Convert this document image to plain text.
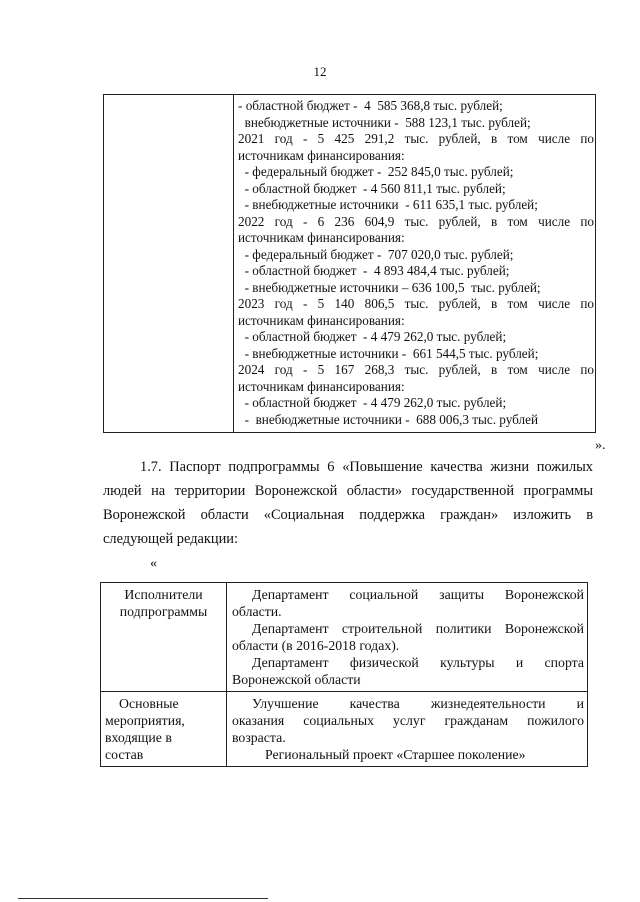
12
- областной бюджет -  4  585 368,8 тыс. рублей;
внебюджетные источники -  588 123,1 тыс. рублей;
2021 год - 5 425 291,2 тыс. рублей, в том числе по
источникам финансирования:
- федеральный бюджет -  252 845,0 тыс. рублей;
- областной бюджет  - 4 560 811,1 тыс. рублей;
- внебюджетные источники  - 611 635,1 тыс. рублей;
2022 год - 6 236 604,9 тыс. рублей, в том числе по
источникам финансирования:
- федеральный бюджет -  707 020,0 тыс. рублей;
- областной бюджет  -  4 893 484,4 тыс. рублей;
- внебюджетные источники – 636 100,5  тыс. рублей;
2023 год - 5 140 806,5 тыс. рублей, в том числе по
источникам финансирования:
- областной бюджет  - 4 479 262,0 тыс. рублей;
- внебюджетные источники -  661 544,5 тыс. рублей;
2024 год - 5 167 268,3 тыс. рублей, в том числе по
источникам финансирования:
- областной бюджет  - 4 479 262,0 тыс. рублей;
-  внебюджетные источники -  688 006,3 тыс. рублей
».
1.7. Паспорт подпрограммы 6 «Повышение качества жизни пожилых
людей на территории Воронежской области» государственной программы
Воронежской области «Социальная поддержка граждан» изложить в
следующей редакции:
«
Исполнители
подпрограммы
Департамент социальной защиты Воронежской
области.
Департамент строительной политики Воронежской
области (в 2016-2018 годах).
Департамент физической культуры и спорта
Воронежской области
Основные
мероприятия,
входящие в
состав
Улучшение качества жизнедеятельности и
оказания социальных услуг гражданам пожилого
возраста.
Региональный проект «Старшее поколение»
